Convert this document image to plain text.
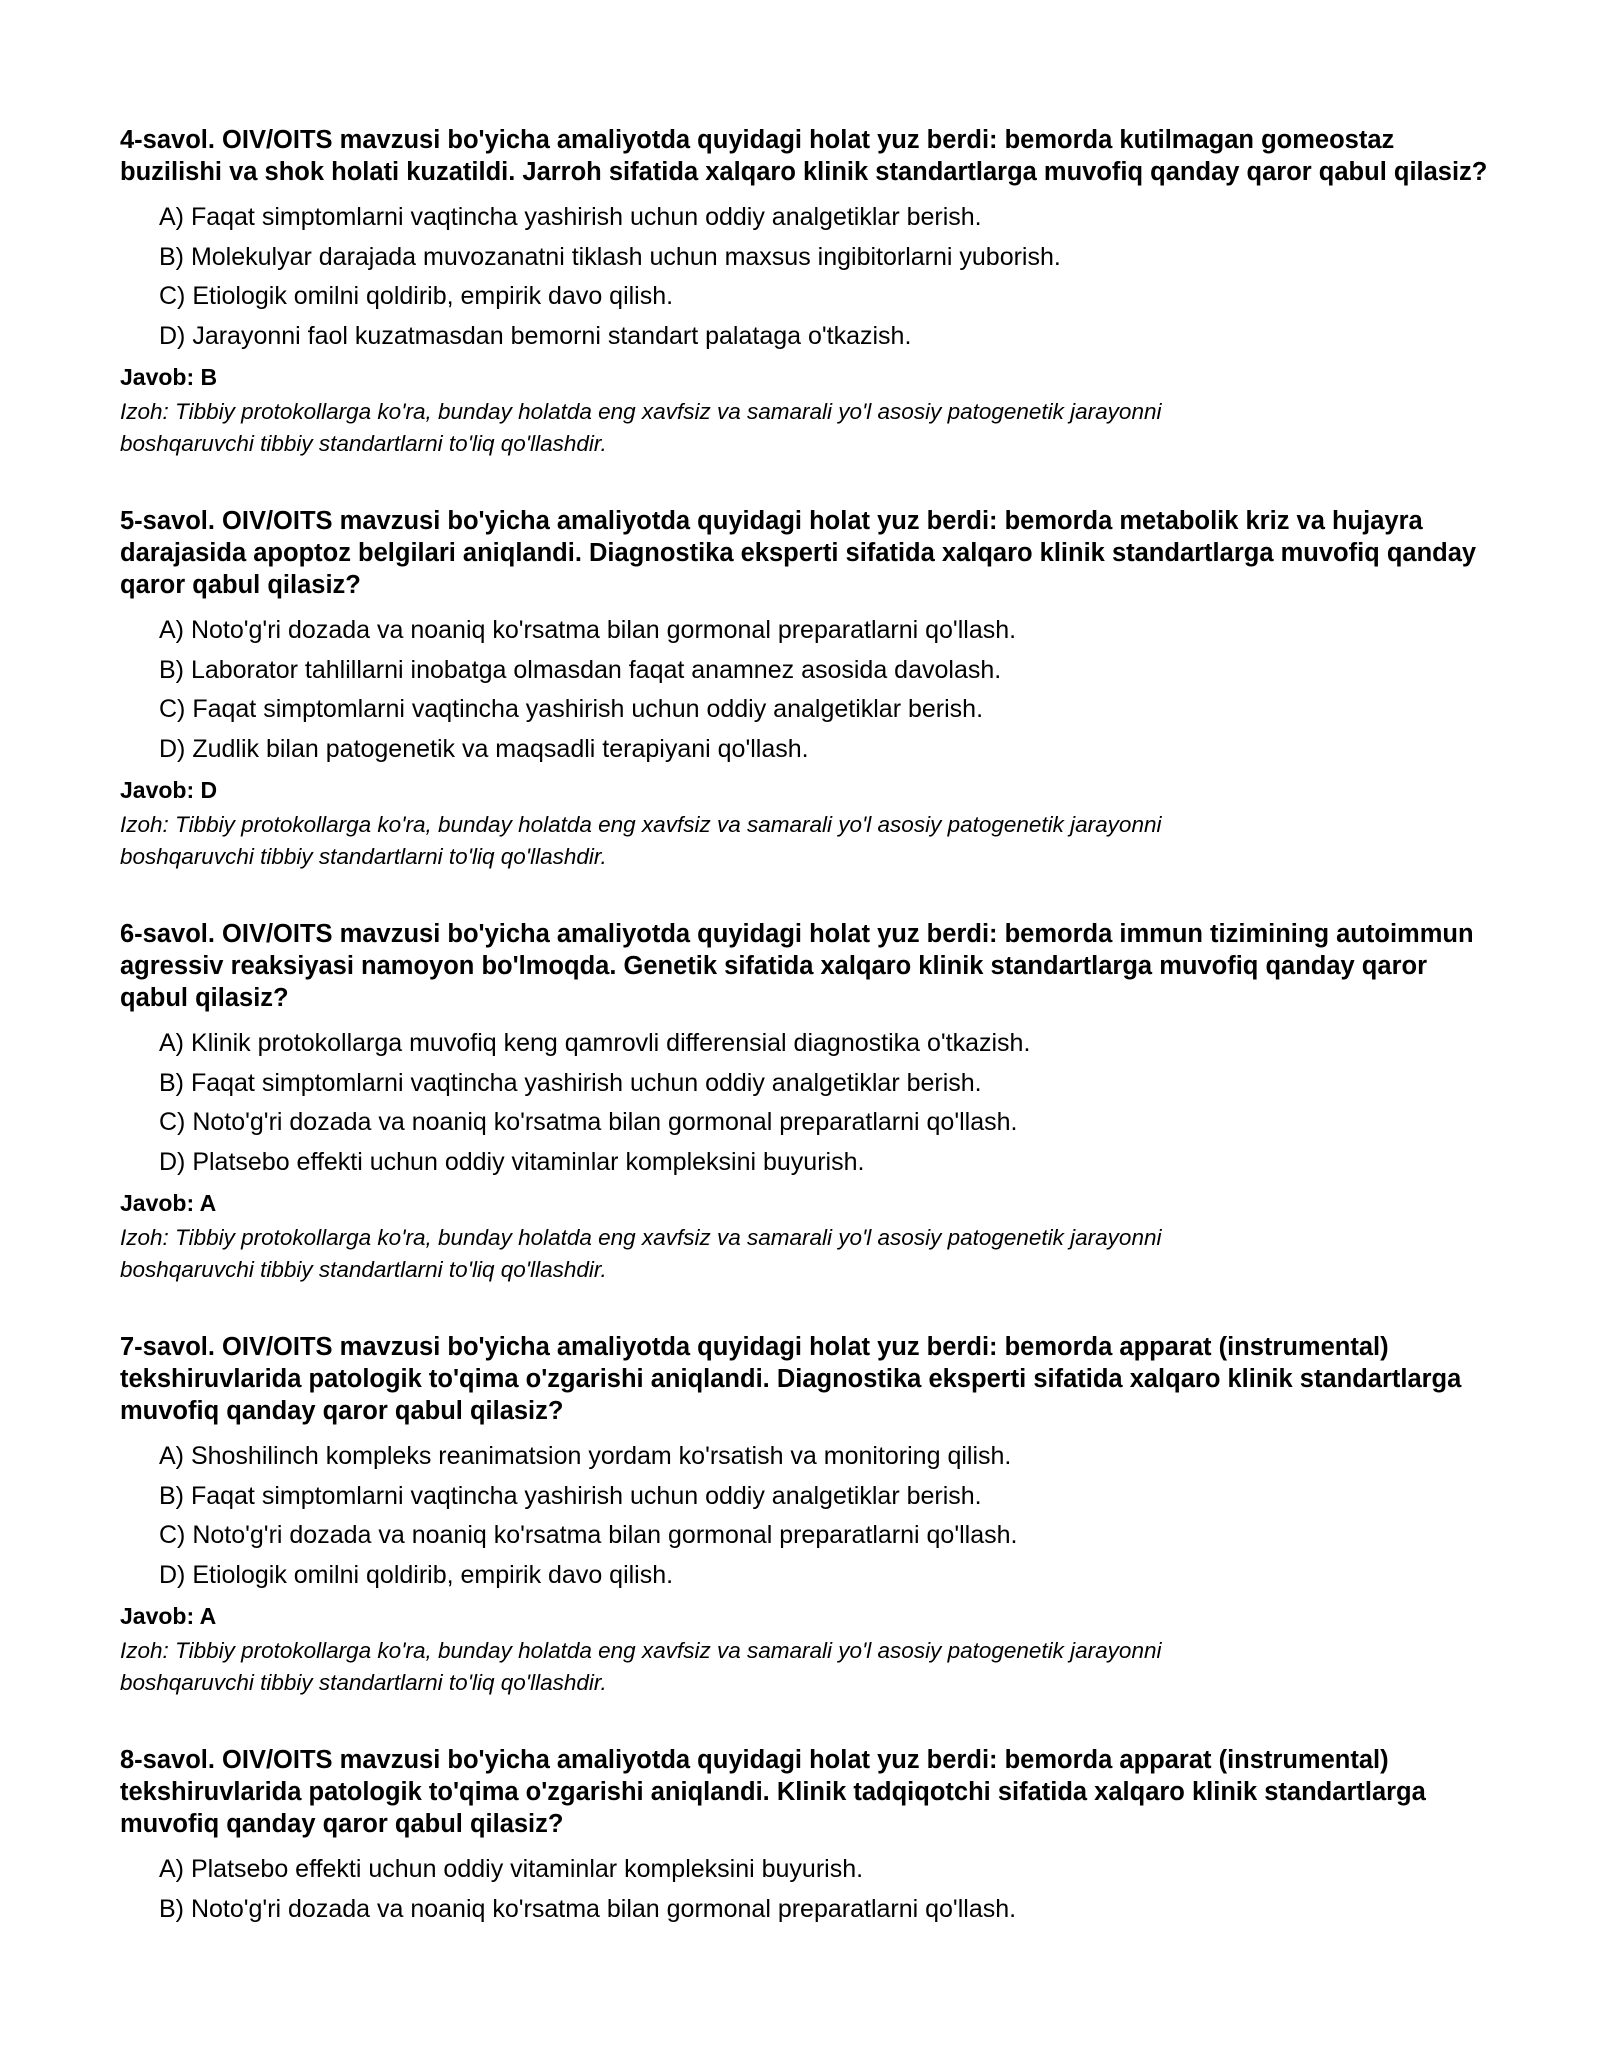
4-savol. OIV/OITS mavzusi bo'yicha amaliyotda quyidagi holat yuz berdi: bemorda kutilmagan gomeostaz buzilishi va shok holati kuzatildi. Jarroh sifatida xalqaro klinik standartlarga muvofiq qanday qaror qabul qilasiz?
A) Faqat simptomlarni vaqtincha yashirish uchun oddiy analgetiklar berish.
B) Molekulyar darajada muvozanatni tiklash uchun maxsus ingibitorlarni yuborish.
C) Etiologik omilni qoldirib, empirik davo qilish.
D) Jarayonni faol kuzatmasdan bemorni standart palataga o'tkazish.
Javob: B
Izoh: Tibbiy protokollarga ko'ra, bunday holatda eng xavfsiz va samarali yo'l asosiy patogenetik jarayonni
boshqaruvchi tibbiy standartlarni to'liq qo'llashdir.
5-savol. OIV/OITS mavzusi bo'yicha amaliyotda quyidagi holat yuz berdi: bemorda metabolik kriz va hujayra darajasida apoptoz belgilari aniqlandi. Diagnostika eksperti sifatida xalqaro klinik standartlarga muvofiq qanday qaror qabul qilasiz?
A) Noto'g'ri dozada va noaniq ko'rsatma bilan gormonal preparatlarni qo'llash.
B) Laborator tahlillarni inobatga olmasdan faqat anamnez asosida davolash.
C) Faqat simptomlarni vaqtincha yashirish uchun oddiy analgetiklar berish.
D) Zudlik bilan patogenetik va maqsadli terapiyani qo'llash.
Javob: D
Izoh: Tibbiy protokollarga ko'ra, bunday holatda eng xavfsiz va samarali yo'l asosiy patogenetik jarayonni
boshqaruvchi tibbiy standartlarni to'liq qo'llashdir.
6-savol. OIV/OITS mavzusi bo'yicha amaliyotda quyidagi holat yuz berdi: bemorda immun tizimining autoimmun agressiv reaksiyasi namoyon bo'lmoqda. Genetik sifatida xalqaro klinik standartlarga muvofiq qanday qaror qabul qilasiz?
A) Klinik protokollarga muvofiq keng qamrovli differensial diagnostika o'tkazish.
B) Faqat simptomlarni vaqtincha yashirish uchun oddiy analgetiklar berish.
C) Noto'g'ri dozada va noaniq ko'rsatma bilan gormonal preparatlarni qo'llash.
D) Platsebo effekti uchun oddiy vitaminlar kompleksini buyurish.
Javob: A
Izoh: Tibbiy protokollarga ko'ra, bunday holatda eng xavfsiz va samarali yo'l asosiy patogenetik jarayonni
boshqaruvchi tibbiy standartlarni to'liq qo'llashdir.
7-savol. OIV/OITS mavzusi bo'yicha amaliyotda quyidagi holat yuz berdi: bemorda apparat (instrumental) tekshiruvlarida patologik to'qima o'zgarishi aniqlandi. Diagnostika eksperti sifatida xalqaro klinik standartlarga muvofiq qanday qaror qabul qilasiz?
A) Shoshilinch kompleks reanimatsion yordam ko'rsatish va monitoring qilish.
B) Faqat simptomlarni vaqtincha yashirish uchun oddiy analgetiklar berish.
C) Noto'g'ri dozada va noaniq ko'rsatma bilan gormonal preparatlarni qo'llash.
D) Etiologik omilni qoldirib, empirik davo qilish.
Javob: A
Izoh: Tibbiy protokollarga ko'ra, bunday holatda eng xavfsiz va samarali yo'l asosiy patogenetik jarayonni
boshqaruvchi tibbiy standartlarni to'liq qo'llashdir.
8-savol. OIV/OITS mavzusi bo'yicha amaliyotda quyidagi holat yuz berdi: bemorda apparat (instrumental) tekshiruvlarida patologik to'qima o'zgarishi aniqlandi. Klinik tadqiqotchi sifatida xalqaro klinik standartlarga muvofiq qanday qaror qabul qilasiz?
A) Platsebo effekti uchun oddiy vitaminlar kompleksini buyurish.
B) Noto'g'ri dozada va noaniq ko'rsatma bilan gormonal preparatlarni qo'llash.
